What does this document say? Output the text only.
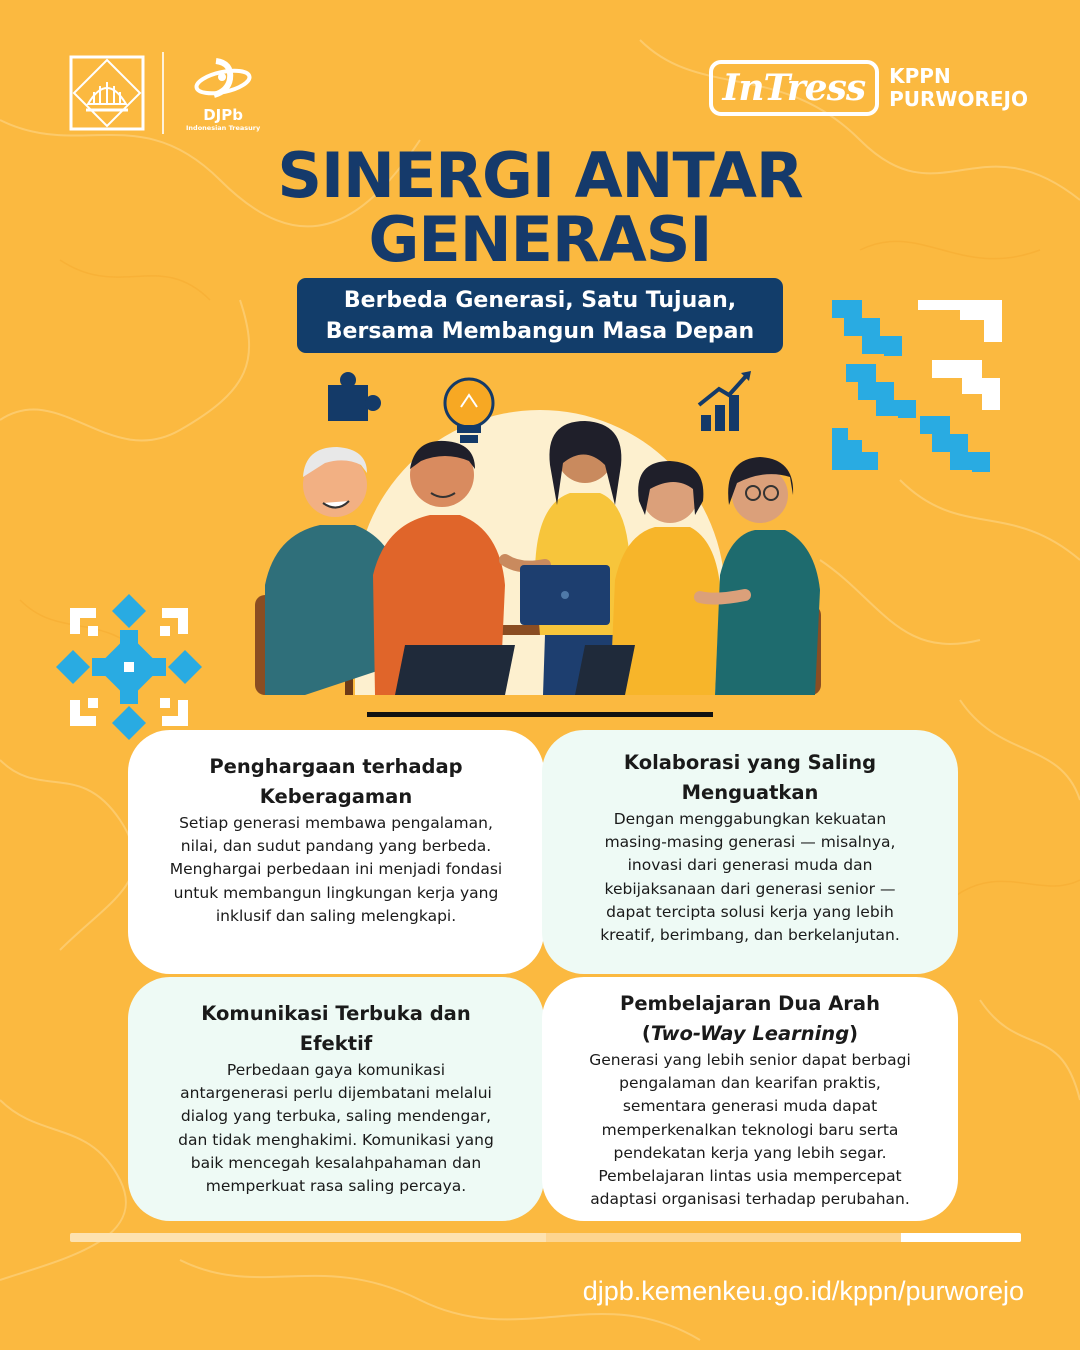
DJPb
Indonesian Treasury
InTress	KPPN
PURWOREJO
SINERGI ANTAR
GENERASI
Berbeda Generasi, Satu Tujuan,
Bersama Membangun Masa Depan
Penghargaan terhadap
Keberagaman

Setiap generasi membawa pengalaman,
nilai, dan sudut pandang yang berbeda.
Menghargai perbedaan ini menjadi fondasi
untuk membangun lingkungan kerja yang
inklusif dan saling melengkapi.

Kolaborasi yang Saling
Menguatkan

Dengan menggabungkan kekuatan
masing-masing generasi — misalnya,
inovasi dari generasi muda dan
kebijaksanaan dari generasi senior —
dapat tercipta solusi kerja yang lebih
kreatif, berimbang, dan berkelanjutan.

Komunikasi Terbuka dan
Efektif

Perbedaan gaya komunikasi
antargenerasi perlu dijembatani melalui
dialog yang terbuka, saling mendengar,
dan tidak menghakimi. Komunikasi yang
baik mencegah kesalahpahaman dan
memperkuat rasa saling percaya.

Pembelajaran Dua Arah
(Two-Way Learning)

Generasi yang lebih senior dapat berbagi
pengalaman dan kearifan praktis,
sementara generasi muda dapat
memperkenalkan teknologi baru serta
pendekatan kerja yang lebih segar.
Pembelajaran lintas usia mempercepat
adaptasi organisasi terhadap perubahan.

djpb.kemenkeu.go.id/kppn/purworejo
